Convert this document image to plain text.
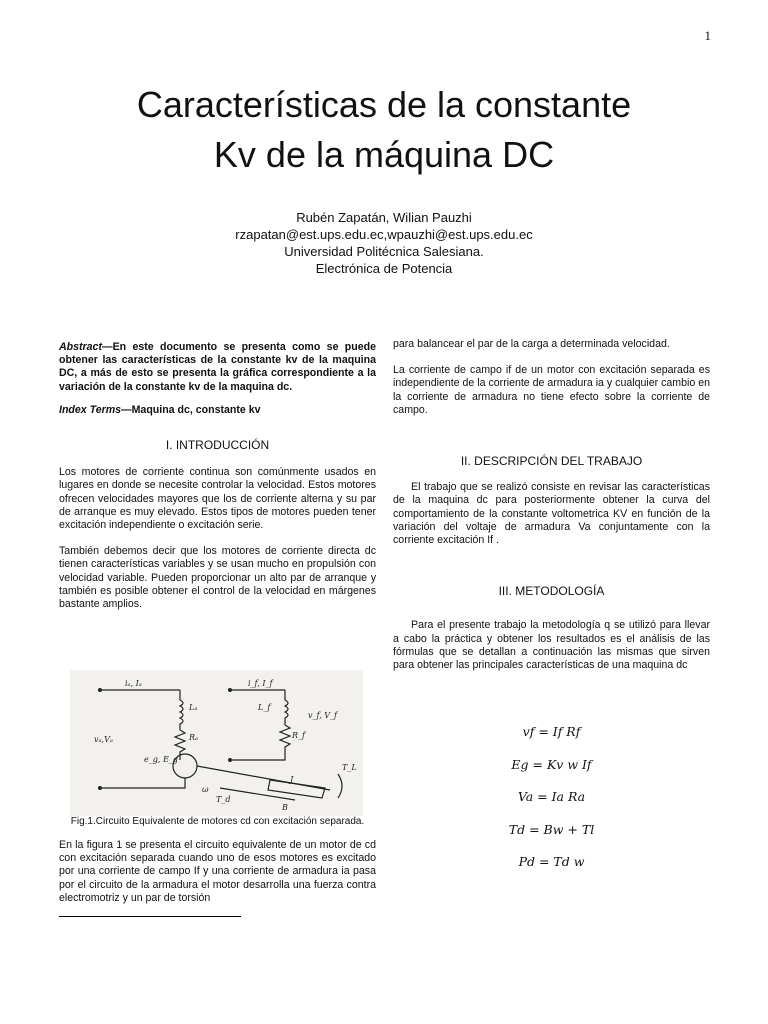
1
Características de la constante
Kv de la máquina DC
Rubén Zapatán, Wilian Pauzhi
rzapatan@est.ups.edu.ec,wpauzhi@est.ups.edu.ec
Universidad Politécnica Salesiana.
Electrónica de Potencia

Abstract—En este documento se presenta como se puede obtener las características de la constante kv de la maquina DC, a más de esto se presenta la gráfica correspondiente a la variación de la constante kv de la maquina dc.

Index Terms—Maquina dc, constante kv

I. INTRODUCCIÓN

Los motores de corriente continua son comúnmente usados en lugares en donde se necesite controlar la velocidad. Estos motores ofrecen velocidades mayores que los de corriente alterna y su par de arranque es muy elevado. Estos tipos de motores pueden tener excitación independiente o excitación serie.

También debemos decir que los motores de corriente directa dc tienen características variables y se usan mucho en propulsión con velocidad variable. Pueden proporcionar un alto par de arranque y también es posible obtener el control de la velocidad en márgenes bastante amplios.

iₐ, Iₐ
Lₐ
Rₐ
vₐ,Vₐ
e_g, E_g
i_f, I_f
L_f
R_f
v_f, V_f
ω
T_d
J
T_L
B
Fig.1.Circuito Equivalente de motores cd con excitación separada.

En la figura 1 se presenta el circuito equivalente de un motor de cd con excitación separada cuando uno de esos motores es excitado por una corriente de campo If y una corriente de armadura ia pasa por el circuito de la armadura el motor desarrolla una fuerza contra electromotriz y un par de torsión

para balancear el par de la carga a determinada velocidad.

La corriente de campo if de un motor con excitación separada es independiente de la corriente de armadura ia y cualquier cambio en la corriente de armadura no tiene efecto sobre la corriente de campo.

II. DESCRIPCIÓN DEL TRABAJO

El trabajo que se realizó consiste en revisar las características de la maquina dc para posteriormente obtener la curva del comportamiento de la constante voltometrica KV en función de la variación del voltaje de armadura Va conjuntamente con la corriente excitación If .

III. METODOLOGÍA

Para el presente trabajo la metodología q se utilizó para llevar a cabo la práctica y obtener los resultados es el análisis de las fórmulas que se detallan a continuación las mismas que sirven para obtener las principales características de una maquina dc

vf = If Rf
Eg = Kv w If
Va = Ia Ra
Td = Bw + Tl
Pd = Td w
